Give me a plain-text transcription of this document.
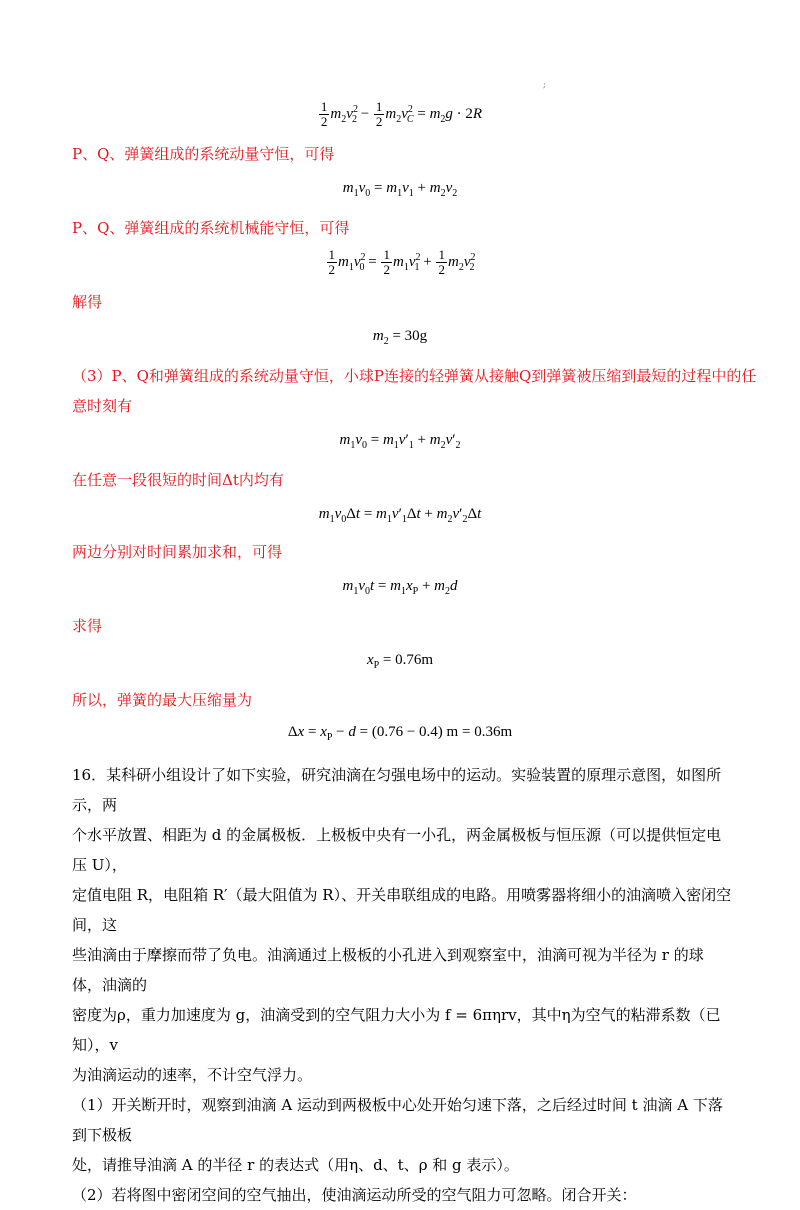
;
$\frac{1}{2} m_2v^2_2 - \frac{1}{2} m_2v^2_C = m_2g \cdot 2R$
P、Q、弹簧组成的系统动量守恒，可得
$m_1v_0 = m_1v_1 + m_2v_2$
P、Q、弹簧组成的系统机械能守恒，可得
$\frac{1}{2} m_1v^2_0 = \frac{1}{2} m_1v^2_1 + \frac{1}{2} m_2v^2_2$
解得
$m_2 = 30g$
（3）P、Q和弹簧组成的系统动量守恒，小球P连接的轻弹簧从接触Q到弹簧被压缩到最短的过程中的任
意时刻有
$m_1v_0 = m_1v'_1 + m_2v'_2$
在任意一段很短的时间Δt内均有
$m_1v_0\Delta t = m_1v'_1\Delta t + m_2v'_2\Delta t$
两边分别对时间累加求和，可得
$m_1v_0t = m_1x_P + m_2d$
求得
$x_P = 0.76m$
所以，弹簧的最大压缩量为
$\Delta x = x_P - d = (0.76 - 0.4) m = 0.36m$
16．某科研小组设计了如下实验，研究油滴在匀强电场中的运动。实验装置的原理示意图，如图所示，两
个水平放置、相距为 d 的金属极板．上极板中央有一小孔，两金属极板与恒压源（可以提供恒定电压 U），
定值电阻 R，电阻箱 R′（最大阻值为 R）、开关串联组成的电路。用喷雾器将细小的油滴喷入密闭空间，这
些油滴由于摩擦而带了负电。油滴通过上极板的小孔进入到观察室中，油滴可视为半径为 r 的球体，油滴的
密度为ρ，重力加速度为 g，油滴受到的空气阻力大小为 f = 6πηrv，其中η为空气的粘滞系数（已知），v
为油滴运动的速率，不计空气浮力。
（1）开关断开时，观察到油滴 A 运动到两极板中心处开始匀速下落，之后经过时间 t 油滴 A 下落到下极板
处，请推导油滴 A 的半径 r 的表达式（用η、d、t、ρ 和 g 表示）。
（2）若将图中密闭空间的空气抽出，使油滴运动所受的空气阻力可忽略。闭合开关：
